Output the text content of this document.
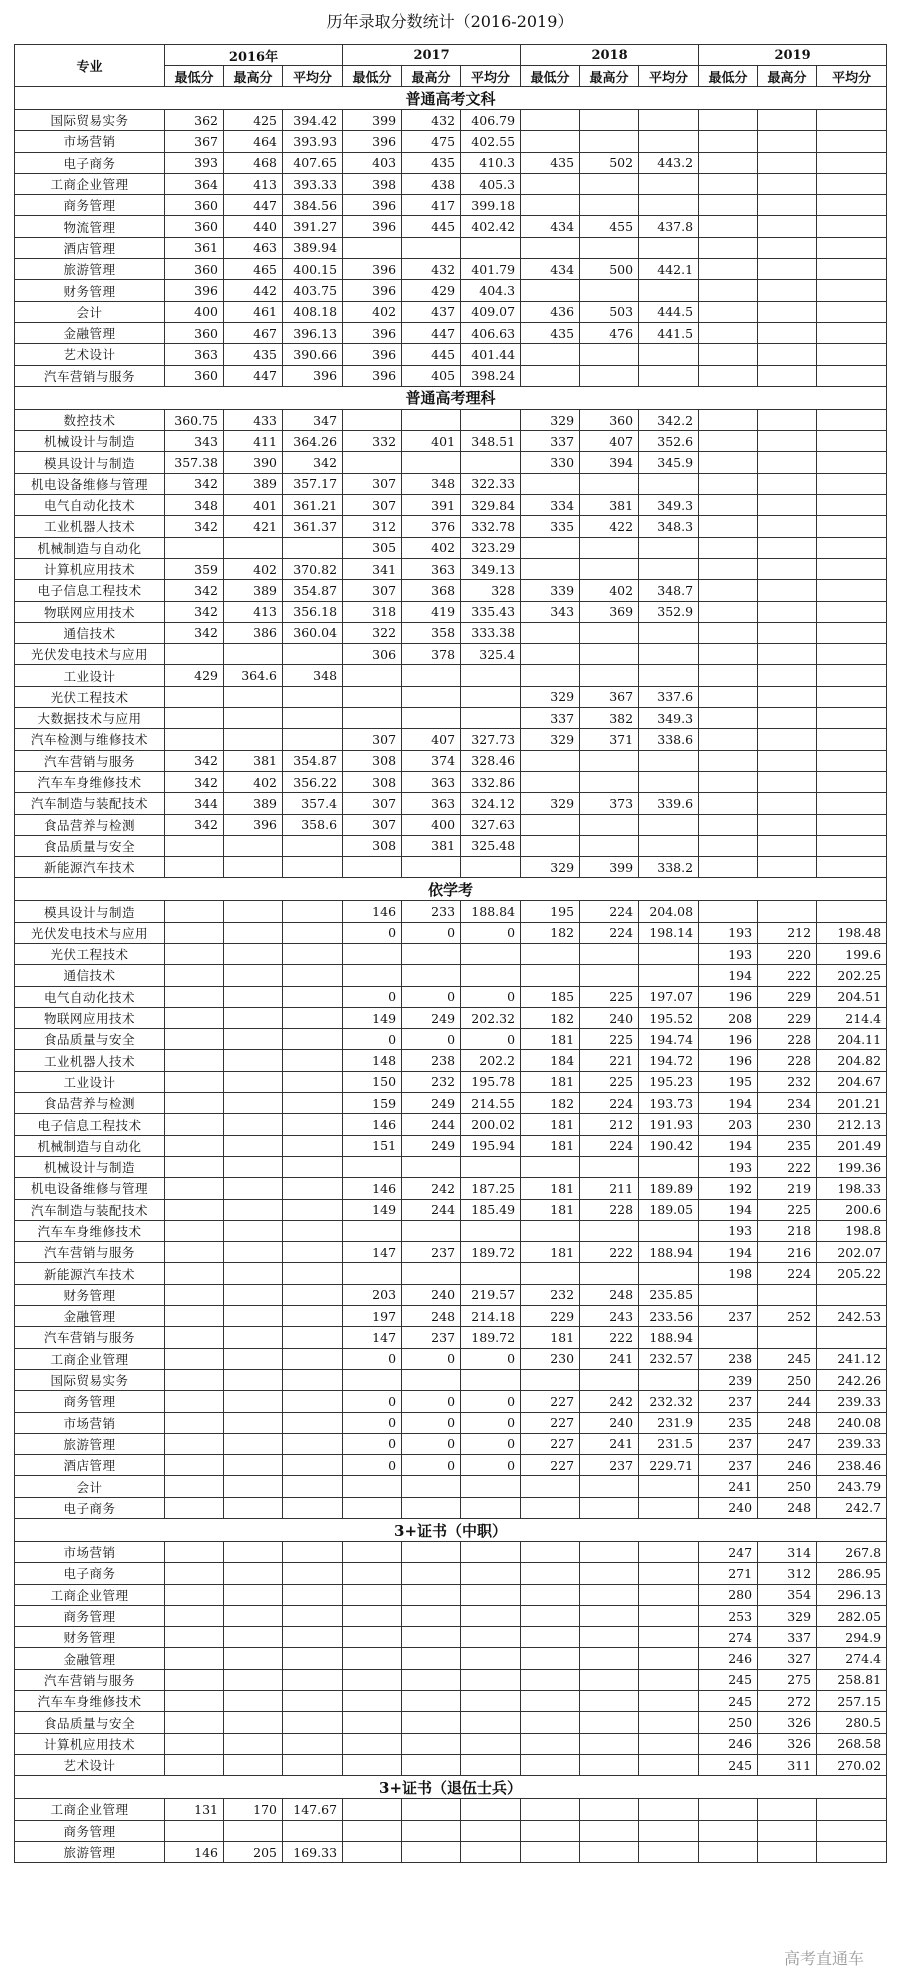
历年录取分数统计（2016-2019）
专业	2016年			2017			2018			2019		
	最低分	最高分	平均分	最低分	最高分	平均分	最低分	最高分	平均分	最低分	最高分	平均分
普通高考文科												
国际贸易实务	362	425	394.42	399	432	406.79						
市场营销	367	464	393.93	396	475	402.55						
电子商务	393	468	407.65	403	435	410.3	435	502	443.2			
工商企业管理	364	413	393.33	398	438	405.3						
商务管理	360	447	384.56	396	417	399.18						
物流管理	360	440	391.27	396	445	402.42	434	455	437.8			
酒店管理	361	463	389.94									
旅游管理	360	465	400.15	396	432	401.79	434	500	442.1			
财务管理	396	442	403.75	396	429	404.3						
会计	400	461	408.18	402	437	409.07	436	503	444.5			
金融管理	360	467	396.13	396	447	406.63	435	476	441.5			
艺术设计	363	435	390.66	396	445	401.44						
汽车营销与服务	360	447	396	396	405	398.24						
普通高考理科												
数控技术	360.75	433	347				329	360	342.2			
机械设计与制造	343	411	364.26	332	401	348.51	337	407	352.6			
模具设计与制造	357.38	390	342				330	394	345.9			
机电设备维修与管理	342	389	357.17	307	348	322.33						
电气自动化技术	348	401	361.21	307	391	329.84	334	381	349.3			
工业机器人技术	342	421	361.37	312	376	332.78	335	422	348.3			
机械制造与自动化				305	402	323.29						
计算机应用技术	359	402	370.82	341	363	349.13						
电子信息工程技术	342	389	354.87	307	368	328	339	402	348.7			
物联网应用技术	342	413	356.18	318	419	335.43	343	369	352.9			
通信技术	342	386	360.04	322	358	333.38						
光伏发电技术与应用				306	378	325.4						
工业设计	429	364.6	348									
光伏工程技术							329	367	337.6			
大数据技术与应用							337	382	349.3			
汽车检测与维修技术				307	407	327.73	329	371	338.6			
汽车营销与服务	342	381	354.87	308	374	328.46						
汽车车身维修技术	342	402	356.22	308	363	332.86						
汽车制造与装配技术	344	389	357.4	307	363	324.12	329	373	339.6			
食品营养与检测	342	396	358.6	307	400	327.63						
食品质量与安全				308	381	325.48						
新能源汽车技术							329	399	338.2			
依学考												
模具设计与制造				146	233	188.84	195	224	204.08			
光伏发电技术与应用				0	0	0	182	224	198.14	193	212	198.48
光伏工程技术										193	220	199.6
通信技术										194	222	202.25
电气自动化技术				0	0	0	185	225	197.07	196	229	204.51
物联网应用技术				149	249	202.32	182	240	195.52	208	229	214.4
食品质量与安全				0	0	0	181	225	194.74	196	228	204.11
工业机器人技术				148	238	202.2	184	221	194.72	196	228	204.82
工业设计				150	232	195.78	181	225	195.23	195	232	204.67
食品营养与检测				159	249	214.55	182	224	193.73	194	234	201.21
电子信息工程技术				146	244	200.02	181	212	191.93	203	230	212.13
机械制造与自动化				151	249	195.94	181	224	190.42	194	235	201.49
机械设计与制造										193	222	199.36
机电设备维修与管理				146	242	187.25	181	211	189.89	192	219	198.33
汽车制造与装配技术				149	244	185.49	181	228	189.05	194	225	200.6
汽车车身维修技术										193	218	198.8
汽车营销与服务				147	237	189.72	181	222	188.94	194	216	202.07
新能源汽车技术										198	224	205.22
财务管理				203	240	219.57	232	248	235.85			
金融管理				197	248	214.18	229	243	233.56	237	252	242.53
汽车营销与服务				147	237	189.72	181	222	188.94			
工商企业管理				0	0	0	230	241	232.57	238	245	241.12
国际贸易实务										239	250	242.26
商务管理				0	0	0	227	242	232.32	237	244	239.33
市场营销				0	0	0	227	240	231.9	235	248	240.08
旅游管理				0	0	0	227	241	231.5	237	247	239.33
酒店管理				0	0	0	227	237	229.71	237	246	238.46
会计										241	250	243.79
电子商务										240	248	242.7
3+证书（中职）												
市场营销										247	314	267.8
电子商务										271	312	286.95
工商企业管理										280	354	296.13
商务管理										253	329	282.05
财务管理										274	337	294.9
金融管理										246	327	274.4
汽车营销与服务										245	275	258.81
汽车车身维修技术										245	272	257.15
食品质量与安全										250	326	280.5
计算机应用技术										246	326	268.58
艺术设计										245	311	270.02
3+证书（退伍士兵）												
工商企业管理	131	170	147.67									
商务管理												
旅游管理	146	205	169.33									
高考直通车
